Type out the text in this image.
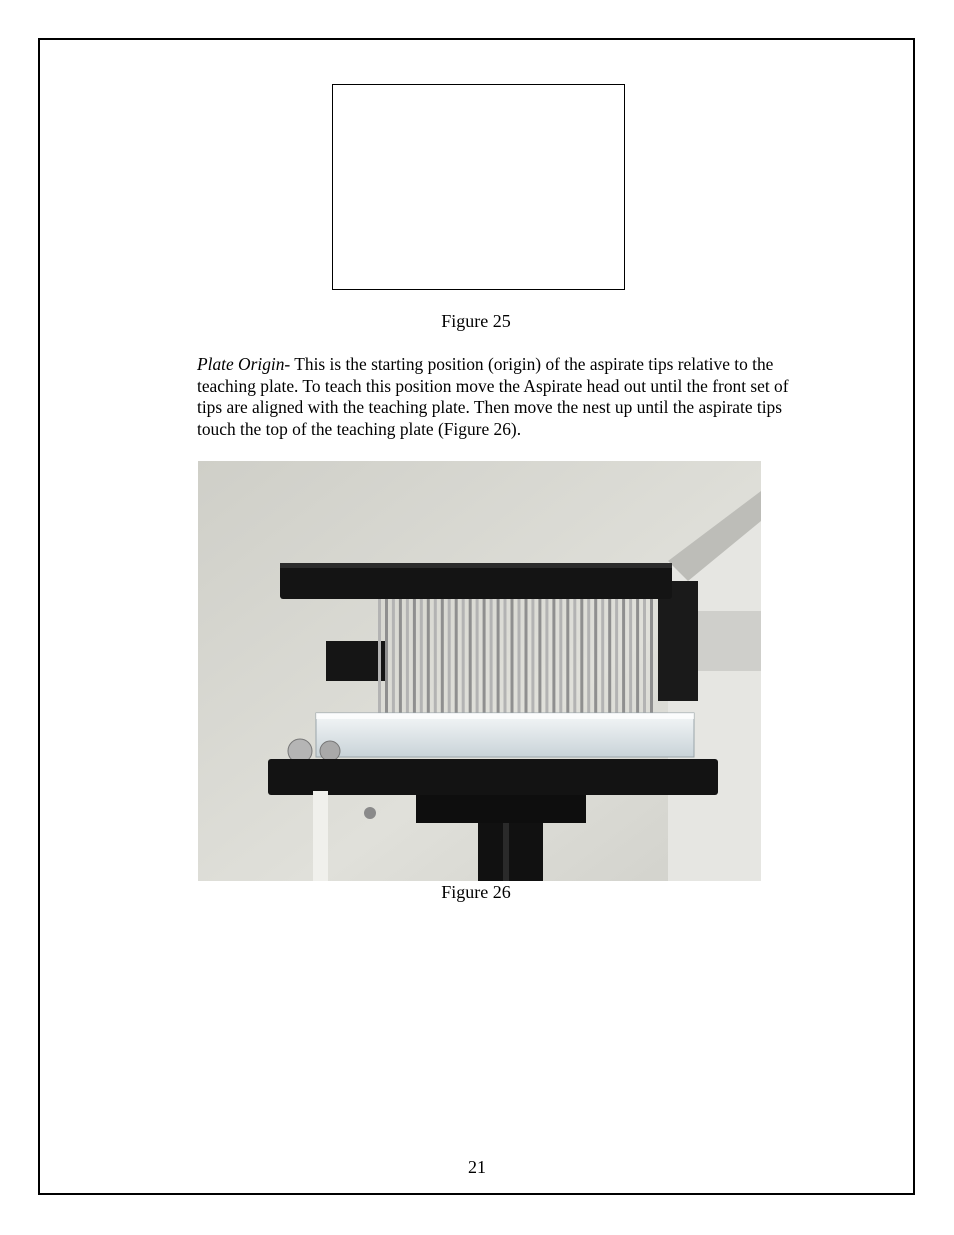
Figure 25
Plate Origin- This is the starting position (origin) of the aspirate tips relative to the teaching plate. To teach this position move the Aspirate head out until the front set of tips are aligned with the teaching plate. Then move the nest up until the aspirate tips touch the top of the teaching plate (Figure 26).
Figure 26
21
